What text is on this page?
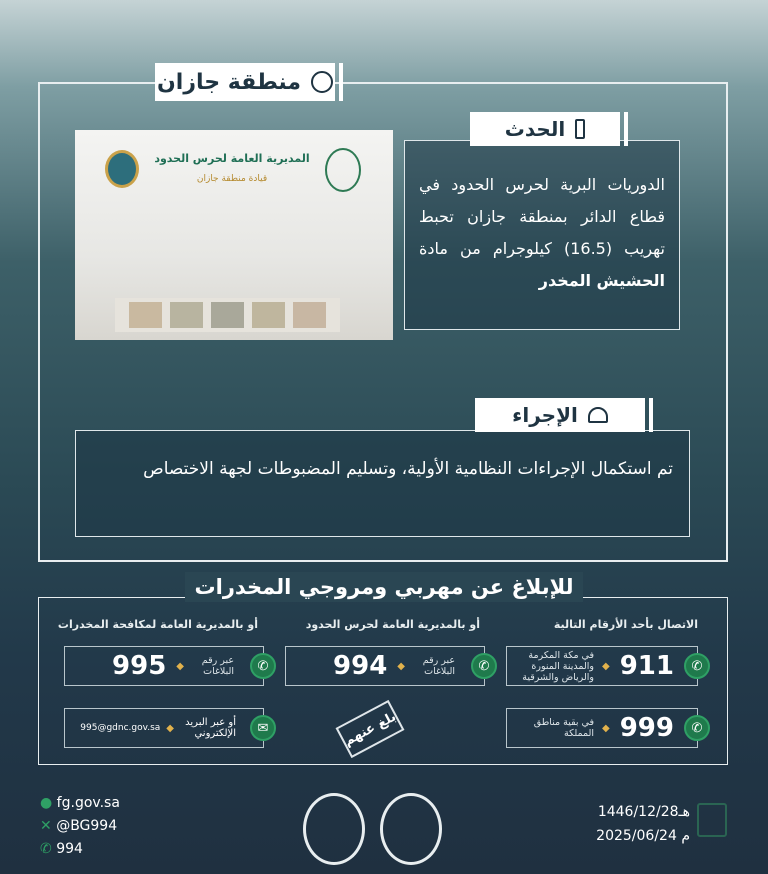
منطقة جازان
المديرية العامة لحرس الحدود
قيادة منطقة جازان	الدوريات البرية لحرس الحدود في قطاع الدائر بمنطقة جازان تحبط تهريب (16.5) كيلوجرام من مادة الحشيش المخدر

الحدث

تم استكمال الإجراءات النظامية الأولية، وتسليم المضبوطات لجهة الاختصاص

الإجراء
للإبلاغ عن مهربي ومروجي المخدرات
الاتصال بأحد الأرقام التالية
أو بالمديرية العامة لحرس الحدود
أو بالمديرية العامة لمكافحة المخدرات
✆
911
◆
في مكة المكرمة والمدينة المنورة والرياض والشرقية
✆
999
◆
في بقية مناطق المملكة
✆
عبر رقم البلاغات
◆
994
✆
عبر رقم البلاغات
◆
995
✉
أو عبر البريد الإلكتروني
◆
995@gdnc.gov.sa	بلغ عنهم
● fg.gov.sa
✕ @BG994
✆ 994
1446/12/28هـ
2025/06/24 م
